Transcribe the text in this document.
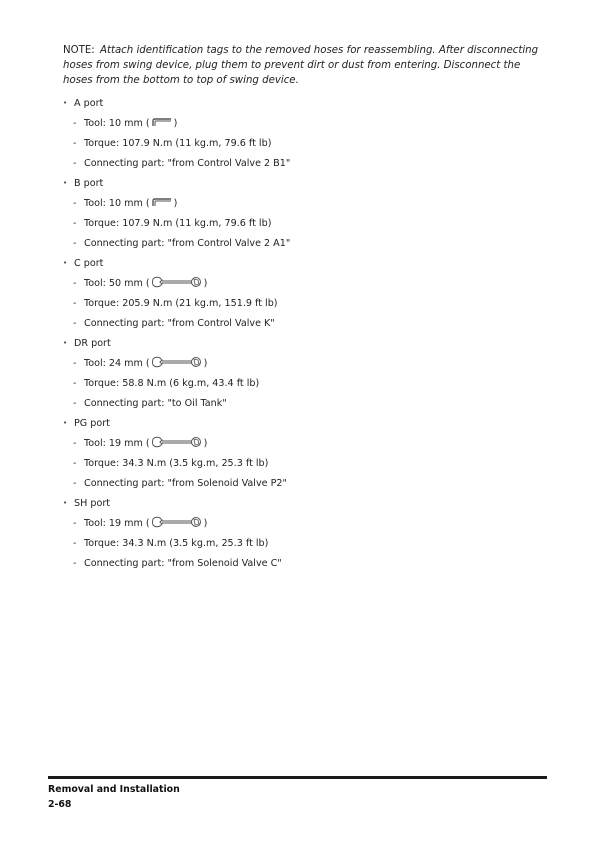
NOTE: Attach identification tags to the removed hoses for reassembling. After disconnecting hoses from swing device, plug them to prevent dirt or dust from entering. Disconnect the hoses from the bottom to top of swing device.
• A port
- Tool: 10 mm (	)
- Torque: 107.9 N.m (11 kg.m, 79.6 ft lb)
- Connecting part: "from Control Valve 2 B1"
• B port
- Tool: 10 mm (	)
- Torque: 107.9 N.m (11 kg.m, 79.6 ft lb)
- Connecting part: "from Control Valve 2 A1"
• C port
- Tool: 50 mm (	)
- Torque: 205.9 N.m (21 kg.m, 151.9 ft lb)
- Connecting part: "from Control Valve K"
• DR port
- Tool: 24 mm (	)
- Torque: 58.8 N.m (6 kg.m, 43.4 ft lb)
- Connecting part: "to Oil Tank"
• PG port
- Tool: 19 mm (	)
- Torque: 34.3 N.m (3.5 kg.m, 25.3 ft lb)
- Connecting part: "from Solenoid Valve P2"
• SH port
- Tool: 19 mm (	)
- Torque: 34.3 N.m (3.5 kg.m, 25.3 ft lb)
- Connecting part: "from Solenoid Valve C"
Removal and Installation
2-68
